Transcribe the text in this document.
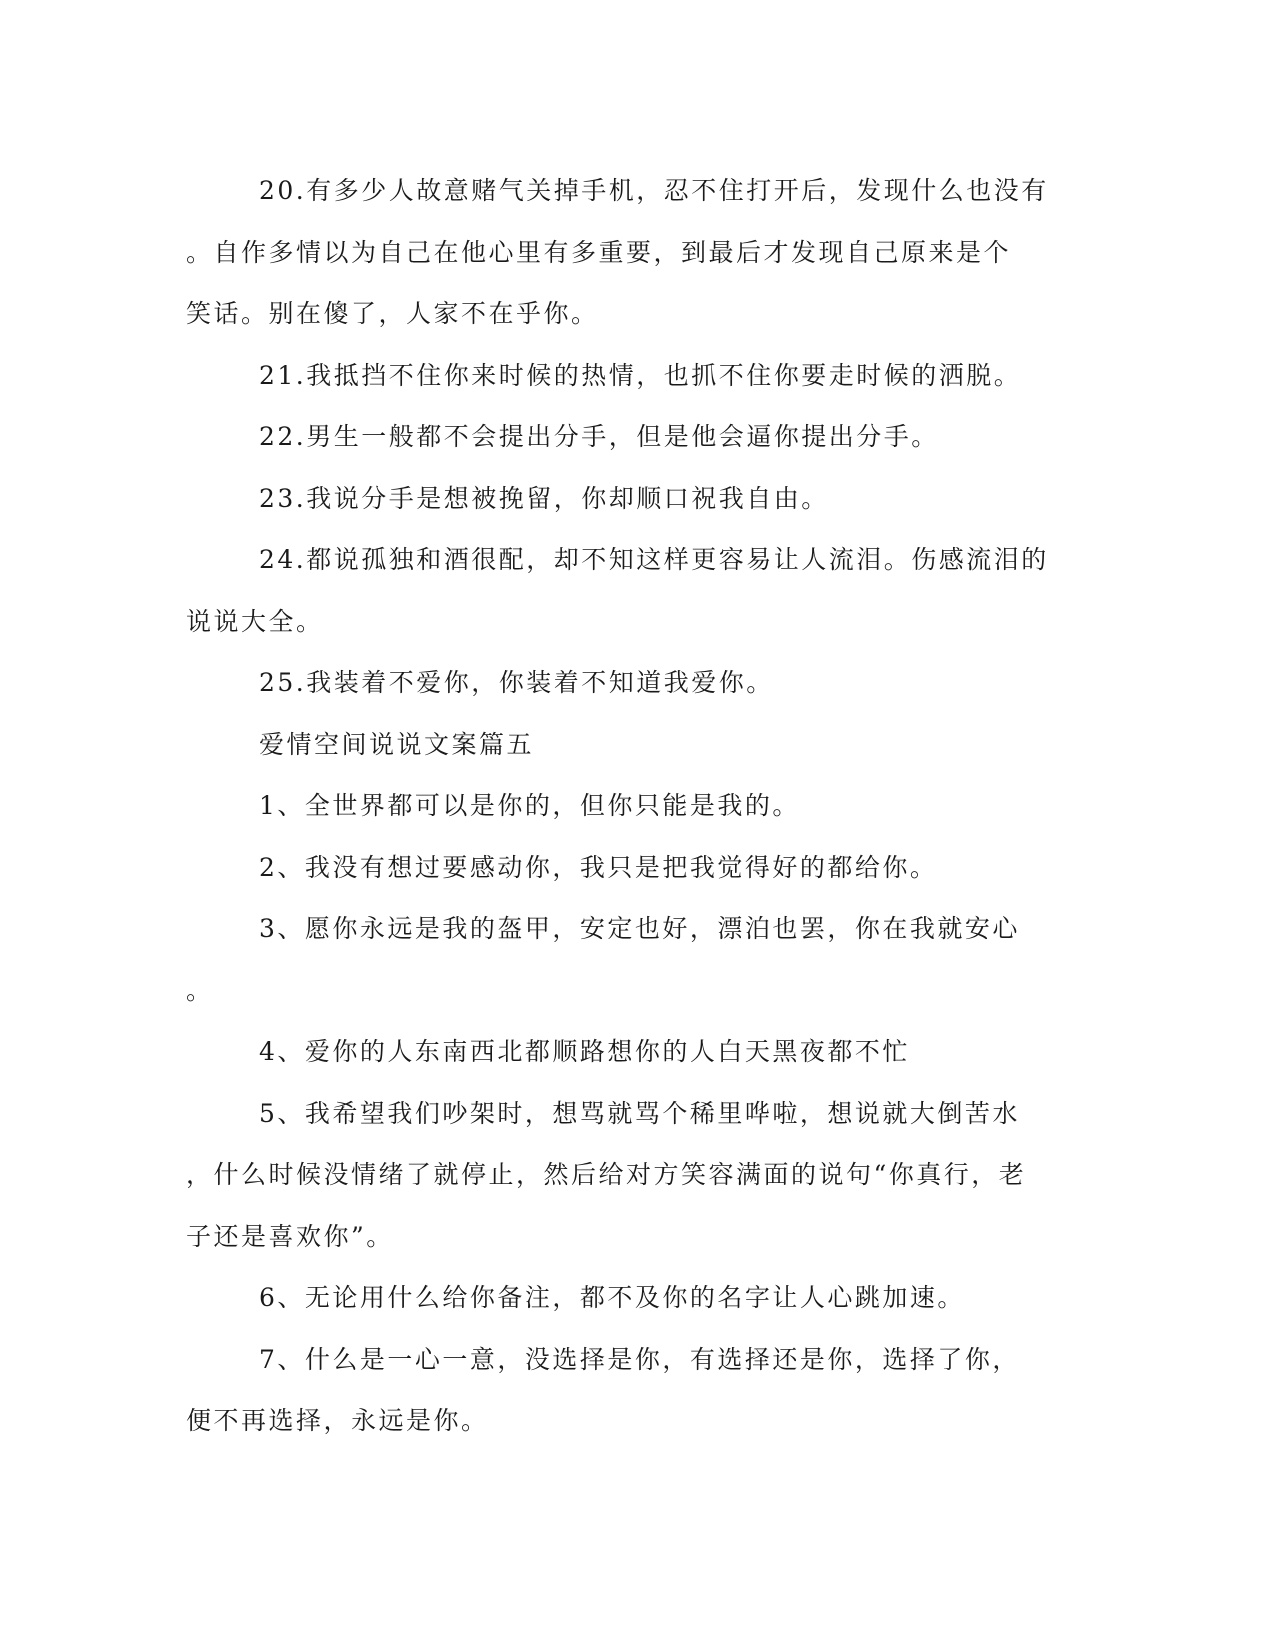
20.有多少人故意赌气关掉手机，忍不住打开后，发现什么也没有
。自作多情以为自己在他心里有多重要，到最后才发现自己原来是个
笑话。别在傻了，人家不在乎你。

21.我抵挡不住你来时候的热情，也抓不住你要走时候的洒脱。

22.男生一般都不会提出分手，但是他会逼你提出分手。

23.我说分手是想被挽留，你却顺口祝我自由。

24.都说孤独和酒很配，却不知这样更容易让人流泪。伤感流泪的
说说大全。

25.我装着不爱你，你装着不知道我爱你。

爱情空间说说文案篇五

1、全世界都可以是你的，但你只能是我的。

2、我没有想过要感动你，我只是把我觉得好的都给你。

3、愿你永远是我的盔甲，安定也好，漂泊也罢，你在我就安心
。

4、爱你的人东南西北都顺路想你的人白天黑夜都不忙

5、我希望我们吵架时，想骂就骂个稀里哗啦，想说就大倒苦水
，什么时候没情绪了就停止，然后给对方笑容满面的说句“你真行，老
子还是喜欢你”。

6、无论用什么给你备注，都不及你的名字让人心跳加速。

7、什么是一心一意，没选择是你，有选择还是你，选择了你，
便不再选择，永远是你。
